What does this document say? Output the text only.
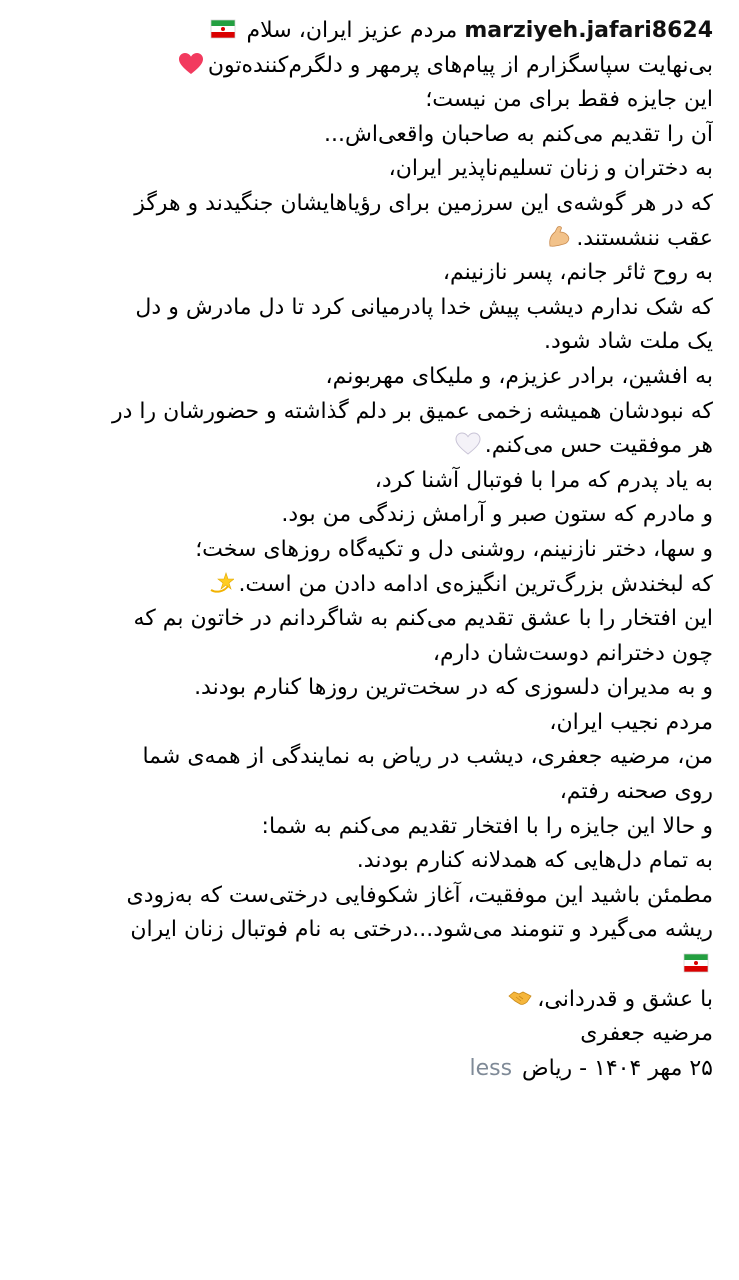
marziyeh.jafari8624 مردم عزیز ایران، سلام
بی‌نهایت سپاسگزارم از پیام‌های پرمهر و دلگرم‌کننده‌تون
این جایزه فقط برای من نیست؛
آن را تقدیم می‌کنم به صاحبان واقعی‌اش...
به دختران و زنان تسلیم‌ناپذیر ایران،
که در هر گوشه‌ی این سرزمین برای رؤیاهایشان جنگیدند و هرگز
عقب ننشستند.
به روح ثائر جانم، پسر نازنینم،
که شک ندارم دیشب پیش خدا پادرمیانی کرد تا دل مادرش و دل
یک ملت شاد شود.
به افشین، برادر عزیزم، و ملیکای مهربونم،
که نبودشان همیشه زخمی عمیق بر دلم گذاشته و حضورشان را در
هر موفقیت حس می‌کنم.
به یاد پدرم که مرا با فوتبال آشنا کرد،
و مادرم که ستون صبر و آرامش زندگی من بود.
و سها، دختر نازنینم، روشنی دل و تکیه‌گاه روزهای سخت؛
که لبخندش بزرگ‌ترین انگیزه‌ی ادامه دادن من است.
این افتخار را با عشق تقدیم می‌کنم به شاگردانم در خاتون بم که
چون دخترانم دوست‌شان دارم،
و به مدیران دلسوزی که در سخت‌ترین روزها کنارم بودند.
مردم نجیب ایران،
من، مرضیه جعفری، دیشب در ریاض به نمایندگی از همه‌ی شما
روی صحنه رفتم،
و حالا این جایزه را با افتخار تقدیم می‌کنم به شما:
به تمام دل‌هایی که همدلانه کنارم بودند.
مطمئن باشید این موفقیت، آغاز شکوفایی درختی‌ست که به‌زودی
ریشه می‌گیرد و تنومند می‌شود...درختی به نام فوتبال زنان ایران
با عشق و قدردانی،
مرضیه جعفری
۲۵ مهر ۱۴۰۴ - ریاضless
